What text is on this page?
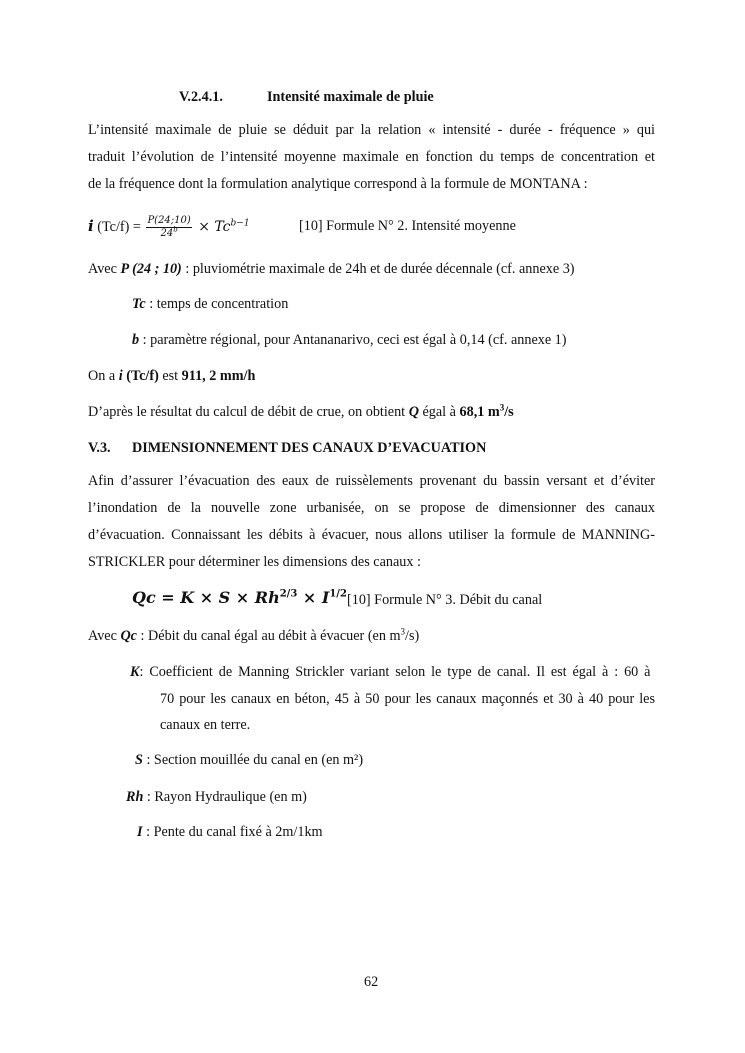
V.2.4.1.	Intensité maximale de pluie
L’intensité maximale de pluie se déduit par la relation « intensité - durée - fréquence » qui
traduit l’évolution de l’intensité moyenne maximale en fonction du temps de concentration et
de la fréquence dont la formulation analytique correspond à la formule de MONTANA :
i $(Tc/f) = \frac{P(24;10)}{24^b} \times Tc^{b-1}$	[10] Formule N° 2. Intensité moyenne
Avec P (24 ; 10) : pluviométrie maximale de 24h et de durée décennale (cf. annexe 3)
Tc : temps de concentration
b : paramètre régional, pour Antananarivo, ceci est égal à 0,14 (cf. annexe 1)
On a i (Tc/f) est 911, 2 mm/h
D’après le résultat du calcul de débit de crue, on obtient Q égal à 68,1 $m^3/s$
V.3. DIMENSIONNEMENT DES CANAUX D’EVACUATION
Afin d’assurer l’évacuation des eaux de ruissèlements provenant du bassin versant et d’éviter
l’inondation de la nouvelle zone urbanisée, on se propose de dimensionner des canaux
d’évacuation. Connaissant les débits à évacuer, nous allons utiliser la formule de MANNING-
STRICKLER pour déterminer les dimensions des canaux :
$Qc = K \times S \times Rh^{2/3} \times I^{1/2}$ [10] Formule N° 3. Débit du canal
Avec Qc : Débit du canal égal au débit à évacuer (en $m^3/s$)
K: Coefficient de Manning Strickler variant selon le type de canal. Il est égal à : 60 à
70 pour les canaux en béton, 45 à 50 pour les canaux maçonnés et 30 à 40 pour les
canaux en terre.
S : Section mouillée du canal en (en m²)
Rh : Rayon Hydraulique (en m)
I : Pente du canal fixé à 2m/1km
62
